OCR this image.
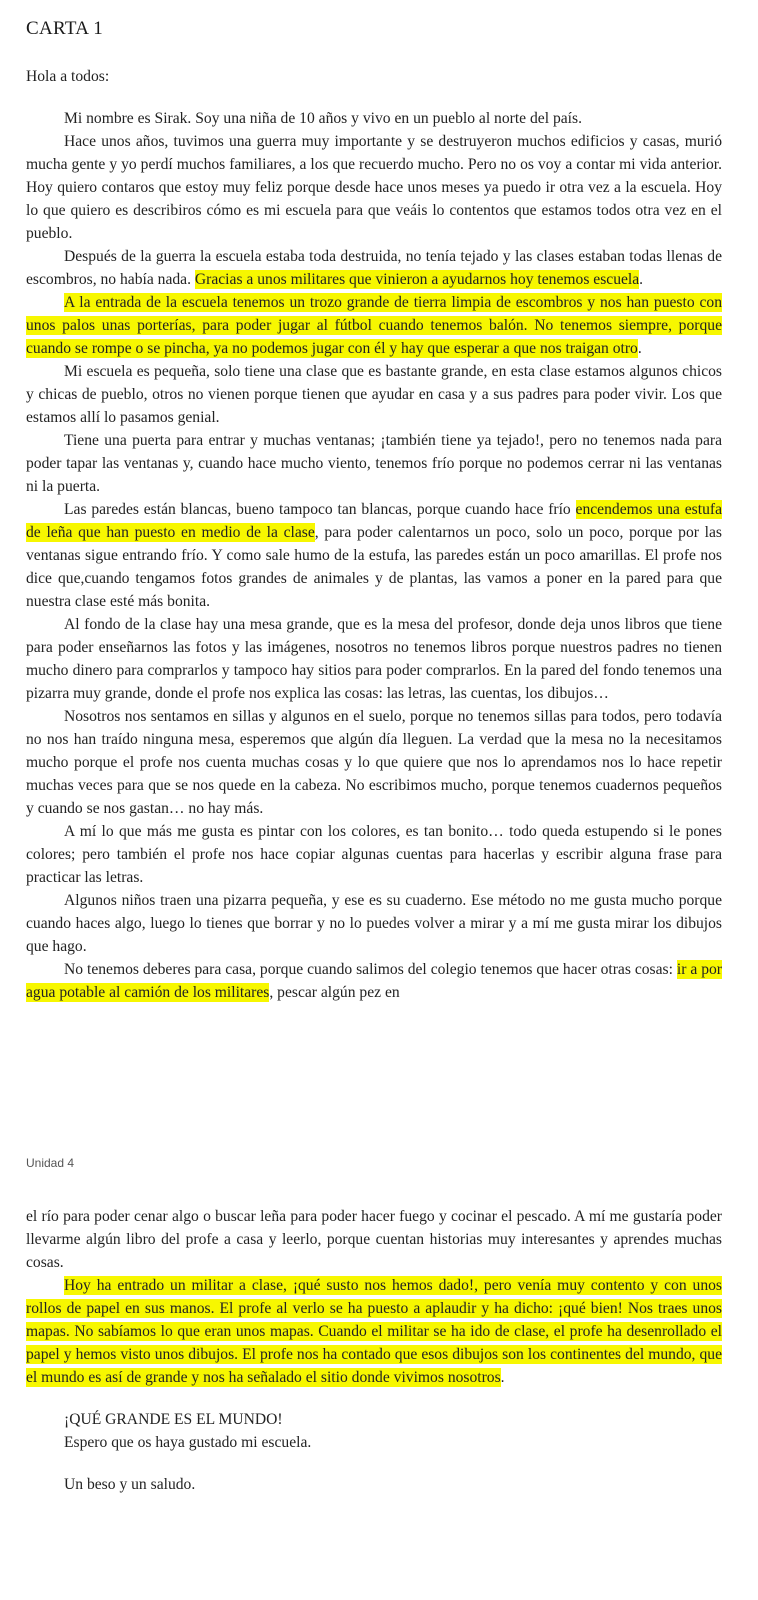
CARTA 1

Hola a todos:

Mi nombre es Sirak. Soy una niña de 10 años y vivo en un pueblo al norte del país.

Hace unos años, tuvimos una guerra muy importante y se destruyeron muchos edificios y casas, murió mucha gente y yo perdí muchos familiares, a los que recuerdo mucho. Pero no os voy a contar mi vida anterior. Hoy quiero contaros que estoy muy feliz porque desde hace unos meses ya puedo ir otra vez a la escuela. Hoy lo que quiero es describiros cómo es mi escuela para que veáis lo contentos que estamos todos otra vez en el pueblo.

Después de la guerra la escuela estaba toda destruida, no tenía tejado y las clases estaban todas llenas de escombros, no había nada. Gracias a unos militares que vinieron a ayudarnos hoy tenemos escuela.

A la entrada de la escuela tenemos un trozo grande de tierra limpia de escombros y nos han puesto con unos palos unas porterías, para poder jugar al fútbol cuando tenemos balón. No tenemos siempre, porque cuando se rompe o se pincha, ya no podemos jugar con él y hay que esperar a que nos traigan otro.

Mi escuela es pequeña, solo tiene una clase que es bastante grande, en esta clase estamos algunos chicos y chicas de pueblo, otros no vienen porque tienen que ayudar en casa y a sus padres para poder vivir. Los que estamos allí lo pasamos genial.

Tiene una puerta para entrar y muchas ventanas; ¡también tiene ya tejado!, pero no tenemos nada para poder tapar las ventanas y, cuando hace mucho viento, tenemos frío porque no podemos cerrar ni las ventanas ni la puerta.

Las paredes están blancas, bueno tampoco tan blancas, porque cuando hace frío encendemos una estufa de leña que han puesto en medio de la clase, para poder calentarnos un poco, solo un poco, porque por las ventanas sigue entrando frío. Y como sale humo de la estufa, las paredes están un poco amarillas. El profe nos dice que,cuando tengamos fotos grandes de animales y de plantas, las vamos a poner en la pared para que nuestra clase esté más bonita.

Al fondo de la clase hay una mesa grande, que es la mesa del profesor, donde deja unos libros que tiene para poder enseñarnos las fotos y las imágenes, nosotros no tenemos libros porque nuestros padres no tienen mucho dinero para comprarlos y tampoco hay sitios para poder comprarlos. En la pared del fondo tenemos una pizarra muy grande, donde el profe nos explica las cosas: las letras, las cuentas, los dibujos…

Nosotros nos sentamos en sillas y algunos en el suelo, porque no tenemos sillas para todos, pero todavía no nos han traído ninguna mesa, esperemos que algún día lleguen. La verdad que la mesa no la necesitamos mucho porque el profe nos cuenta muchas cosas y lo que quiere que nos lo aprendamos nos lo hace repetir muchas veces para que se nos quede en la cabeza. No escribimos mucho, porque tenemos cuadernos pequeños y cuando se nos gastan… no hay más.

A mí lo que más me gusta es pintar con los colores, es tan bonito… todo queda estupendo si le pones colores; pero también el profe nos hace copiar algunas cuentas para hacerlas y escribir alguna frase para practicar las letras.

Algunos niños traen una pizarra pequeña, y ese es su cuaderno. Ese método no me gusta mucho porque cuando haces algo, luego lo tienes que borrar y no lo puedes volver a mirar y a mí me gusta mirar los dibujos que hago.

No tenemos deberes para casa, porque cuando salimos del colegio tenemos que hacer otras cosas: ir a por agua potable al camión de los militares, pescar algún pez en

Unidad 4

el río para poder cenar algo o buscar leña para poder hacer fuego y cocinar el pescado. A mí me gustaría poder llevarme algún libro del profe a casa y leerlo, porque cuentan historias muy interesantes y aprendes muchas cosas.

Hoy ha entrado un militar a clase, ¡qué susto nos hemos dado!, pero venía muy contento y con unos rollos de papel en sus manos. El profe al verlo se ha puesto a aplaudir y ha dicho: ¡qué bien! Nos traes unos mapas. No sabíamos lo que eran unos mapas. Cuando el militar se ha ido de clase, el profe ha desenrollado el papel y hemos visto unos dibujos. El profe nos ha contado que esos dibujos son los continentes del mundo, que el mundo es así de grande y nos ha señalado el sitio donde vivimos nosotros.

¡QUÉ GRANDE ES EL MUNDO!

Espero que os haya gustado mi escuela.

Un beso y un saludo.
